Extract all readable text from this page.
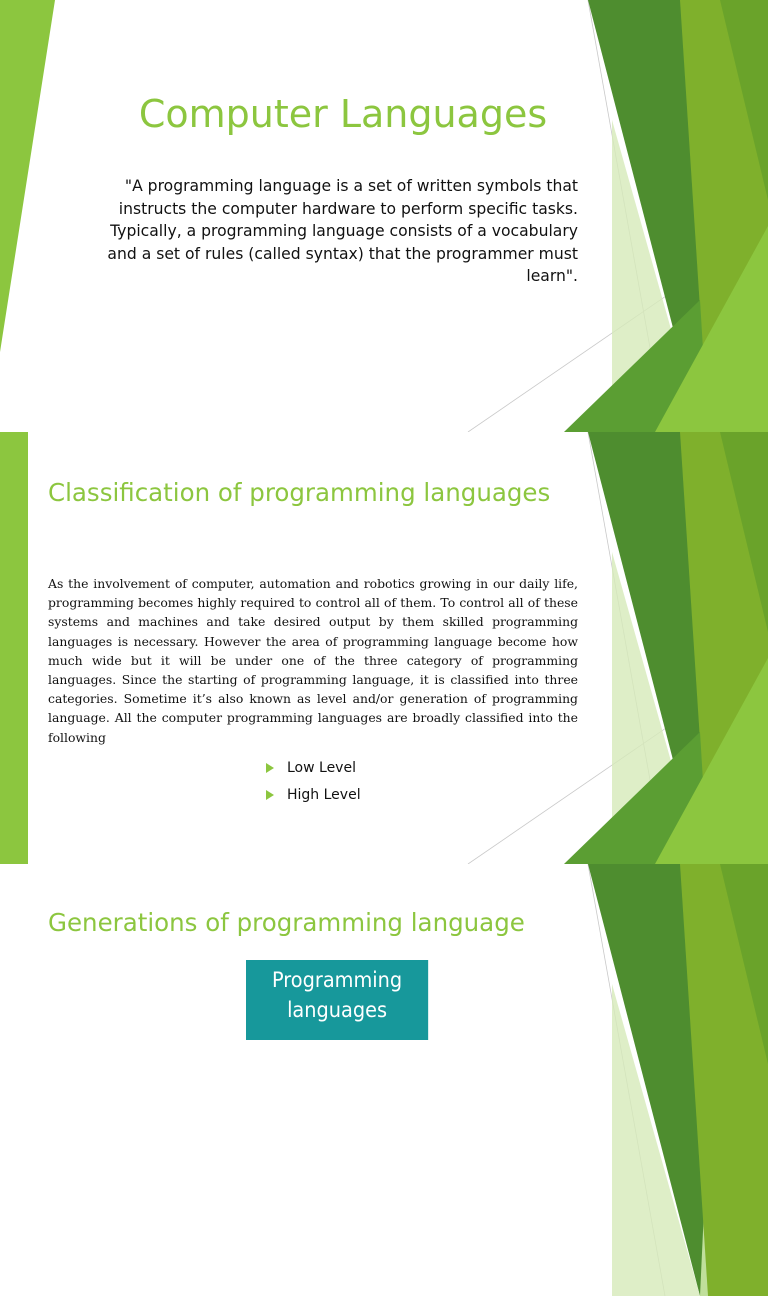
Computer Languages
"A programming language is a set of written symbols that instructs the computer hardware to perform specific tasks. Typically, a programming language consists of a vocabulary and a set of rules (called syntax) that the programmer must learn".
Classification of programming languages
As the involvement of computer, automation and robotics growing in our daily life, programming becomes highly required to control all of them. To control all of these systems and machines and take desired output by them skilled programming languages is necessary. However the area of programming language become how much wide but it will be under one of the three category of programming languages. Since the starting of programming language, it is classified into three categories. Sometime it’s also known as level and/or generation of programming language. All the computer programming languages are broadly classified into the following
Low Level
High Level
Generations of programming language
Programming
languages
